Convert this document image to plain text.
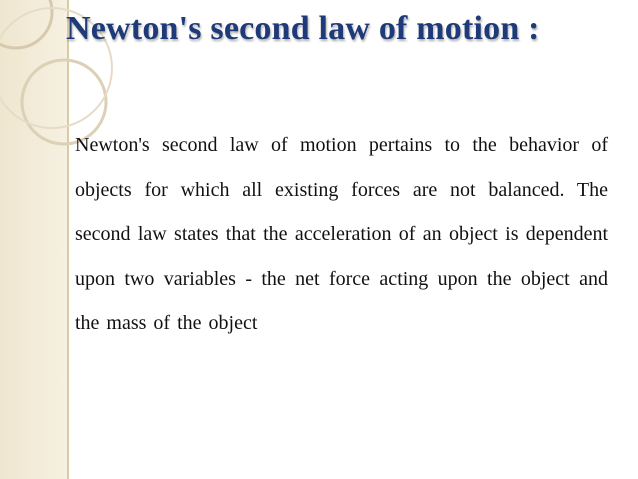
Newton's second law of motion :

Newton's second law of motion pertains to the behavior of objects for which all existing forces are not balanced. The second law states that the acceleration of an object is dependent upon two variables - the net force acting upon the object and the mass of the object
